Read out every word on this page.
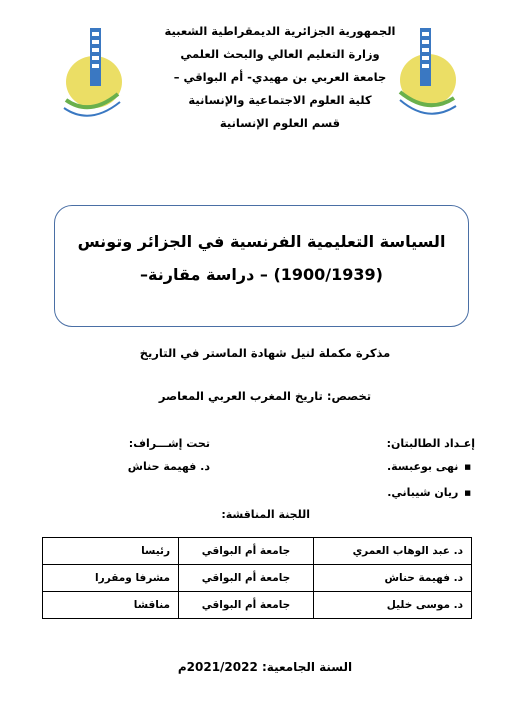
الجمهورية الجزائرية الديمقراطية الشعبية
وزارة التعليم العالي والبحث العلمي
جامعة العربي بن مهيدي- أم البواقي –
كلية العلوم الاجتماعية والإنسانية
قسم العلوم الإنسانية
السياسة التعليمية الفرنسية في الجزائر وتونس
(1900/1939) – دراسة مقارنة–
مذكرة مكملة لنيل شهادة الماستر في التاريخ
تخصص: تاريخ المغرب العربي المعاصر
إعـداد الطالبتان:
■ نهى بوعبسة.
■ ريان شيباني.
تحت إشـــراف:
د. فهيمة حناش
اللجنة المناقشة:
د. عبد الوهاب العمري	جامعة أم البواقي	رئيسا
د. فهيمة حناش	جامعة أم البواقي	مشرفا ومقررا
د. موسى خليل	جامعة أم البواقي	مناقشا
السنة الجامعية: 2021/2022م
